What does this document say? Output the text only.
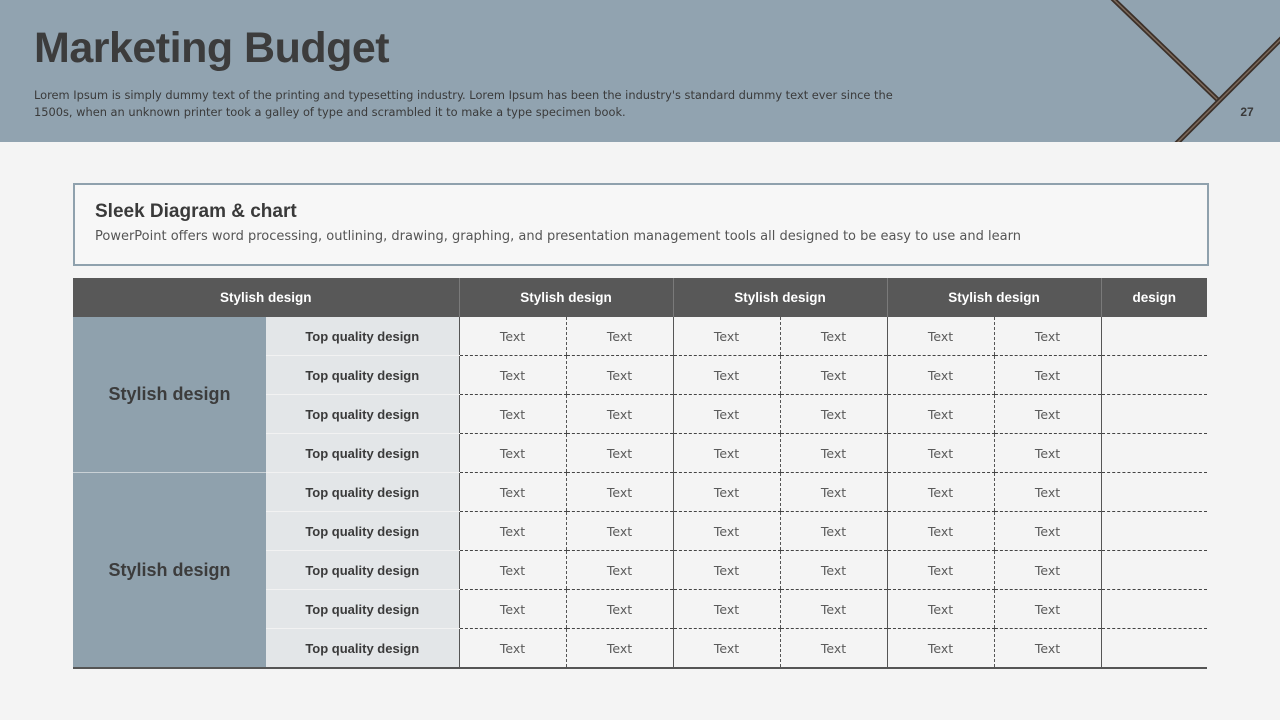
Marketing Budget
Lorem Ipsum is simply dummy text of the printing and typesetting industry. Lorem Ipsum has been the industry's standard dummy text ever since the 1500s, when an unknown printer took a galley of type and scrambled it to make a type specimen book.	27
Sleek Diagram & chart
PowerPoint offers word processing, outlining, drawing, graphing, and presentation management tools all designed to be easy to use and learn
Stylish design		Stylish design		Stylish design		Stylish design		design
Stylish design	Top quality design	Text	Text	Text	Text	Text	Text	
	Top quality design	Text	Text	Text	Text	Text	Text	
	Top quality design	Text	Text	Text	Text	Text	Text	
	Top quality design	Text	Text	Text	Text	Text	Text	
Stylish design	Top quality design	Text	Text	Text	Text	Text	Text	
	Top quality design	Text	Text	Text	Text	Text	Text	
	Top quality design	Text	Text	Text	Text	Text	Text	
	Top quality design	Text	Text	Text	Text	Text	Text	
	Top quality design	Text	Text	Text	Text	Text	Text	
